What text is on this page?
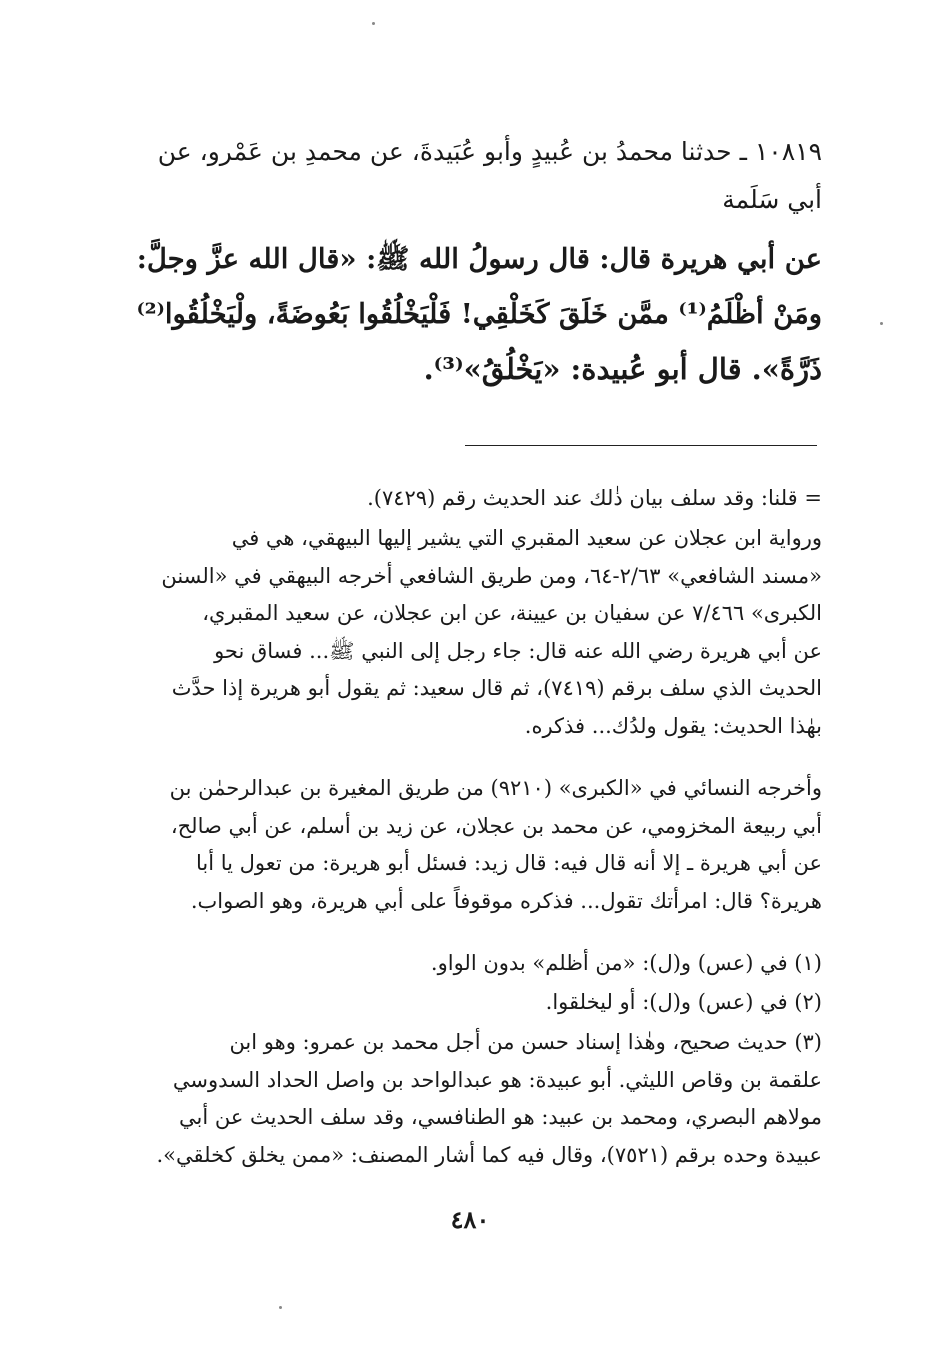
١٠٨١٩ ـ حدثنا محمدُ بن عُبيدٍ وأبو عُبَيدةَ، عن محمدِ بن عَمْرو، عن
أبي سَلَمة
عن أبي هريرة قال: قال رسولُ الله ﷺ: «قال الله عزَّ وجلَّ:
ومَنْ أظْلَمُ⁽¹⁾ ممَّن خَلَقَ كَخَلْقِي! فَلْيَخْلُقُوا بَعُوضَةً، ولْيَخْلُقُوا⁽²⁾
ذَرَّةً». قال أبو عُبيدة: «يَخْلُقُ»⁽³⁾.
= قلنا: وقد سلف بيان ذٰلك عند الحديث رقم (٧٤٢٩).
ورواية ابن عجلان عن سعيد المقبري التي يشير إليها البيهقي، هي في
«مسند الشافعي» ٢/٦٣-٦٤، ومن طريق الشافعي أخرجه البيهقي في «السنن
الكبرى» ٧/٤٦٦ عن سفيان بن عيينة، عن ابن عجلان، عن سعيد المقبري،
عن أبي هريرة رضي الله عنه قال: جاء رجل إلى النبي ﷺ... فساق نحو
الحديث الذي سلف برقم (٧٤١٩)، ثم قال سعيد: ثم يقول أبو هريرة إذا حدَّث
بهٰذا الحديث: يقول ولدُك... فذكره.
وأخرجه النسائي في «الكبرى» (٩٢١٠) من طريق المغيرة بن عبدالرحمٰن بن
أبي ربيعة المخزومي، عن محمد بن عجلان، عن زيد بن أسلم، عن أبي صالح،
عن أبي هريرة ـ إلا أنه قال فيه: قال زيد: فسئل أبو هريرة: من تعول يا أبا
هريرة؟ قال: امرأتك تقول... فذكره موقوفاً على أبي هريرة، وهو الصواب.
(١) في (عس) و(ل): «من أظلم» بدون الواو.
(٢) في (عس) و(ل): أو ليخلقوا.
(٣) حديث صحيح، وهٰذا إسناد حسن من أجل محمد بن عمرو: وهو ابن
علقمة بن وقاص الليثي. أبو عبيدة: هو عبدالواحد بن واصل الحداد السدوسي
مولاهم البصري، ومحمد بن عبيد: هو الطنافسي، وقد سلف الحديث عن أبي
عبيدة وحده برقم (٧٥٢١)، وقال فيه كما أشار المصنف: «ممن يخلق كخلقي».
٤٨٠
